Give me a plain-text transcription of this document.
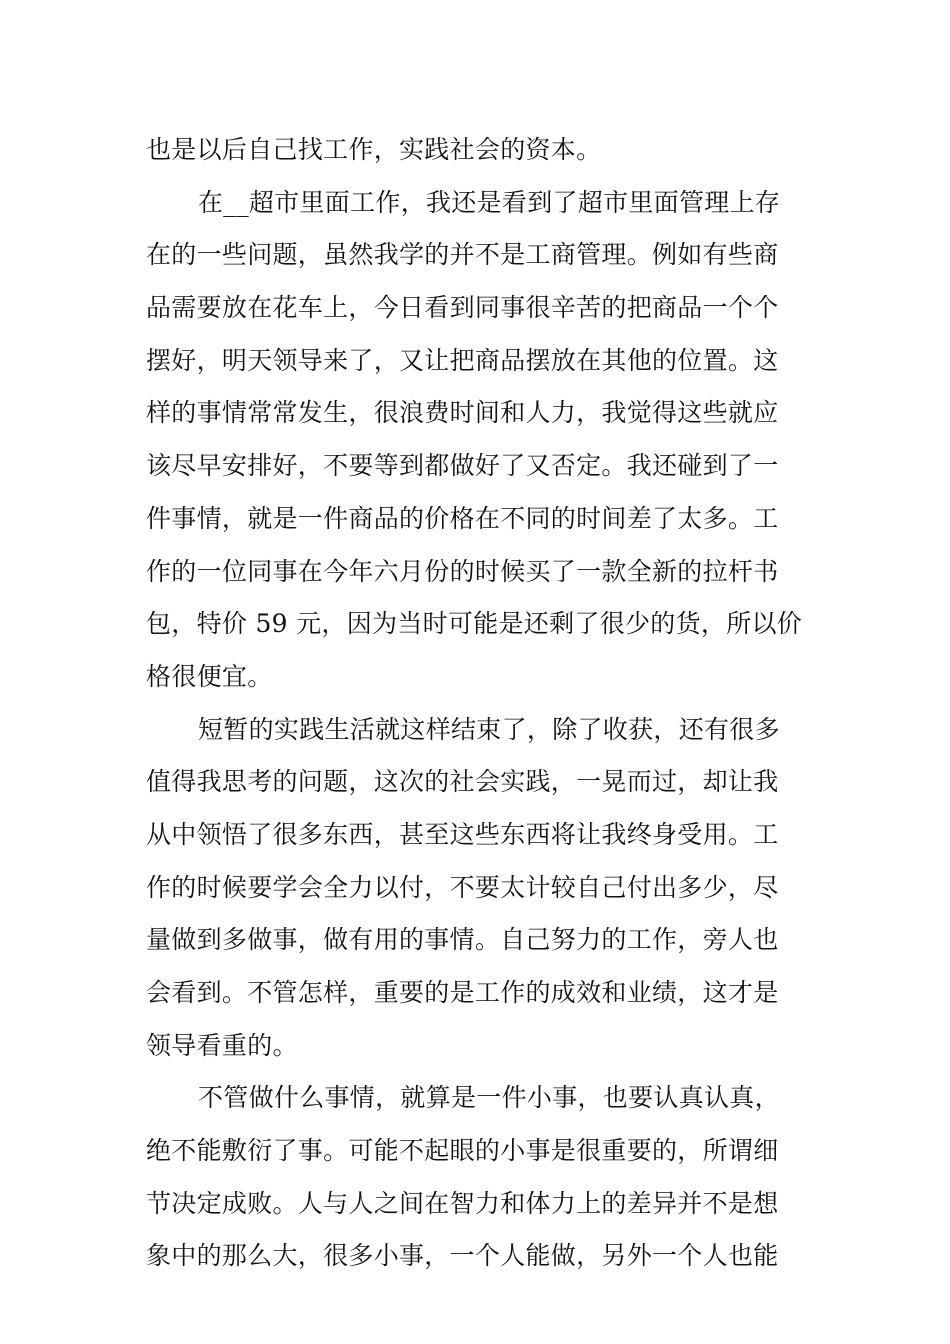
也是以后自己找工作，实践社会的资本。
在__超市里面工作，我还是看到了超市里面管理上存
在的一些问题，虽然我学的并不是工商管理。例如有些商
品需要放在花车上，今日看到同事很辛苦的把商品一个个
摆好，明天领导来了，又让把商品摆放在其他的位置。这
样的事情常常发生，很浪费时间和人力，我觉得这些就应
该尽早安排好，不要等到都做好了又否定。我还碰到了一
件事情，就是一件商品的价格在不同的时间差了太多。工
作的一位同事在今年六月份的时候买了一款全新的拉杆书
包，特价 59 元，因为当时可能是还剩了很少的货，所以价
格很便宜。
短暂的实践生活就这样结束了，除了收获，还有很多
值得我思考的问题，这次的社会实践，一晃而过，却让我
从中领悟了很多东西，甚至这些东西将让我终身受用。工
作的时候要学会全力以付，不要太计较自己付出多少，尽
量做到多做事，做有用的事情。自己努力的工作，旁人也
会看到。不管怎样，重要的是工作的成效和业绩，这才是
领导看重的。
不管做什么事情，就算是一件小事，也要认真认真，
绝不能敷衍了事。可能不起眼的小事是很重要的，所谓细
节决定成败。人与人之间在智力和体力上的差异并不是想
象中的那么大，很多小事，一个人能做，另外一个人也能
